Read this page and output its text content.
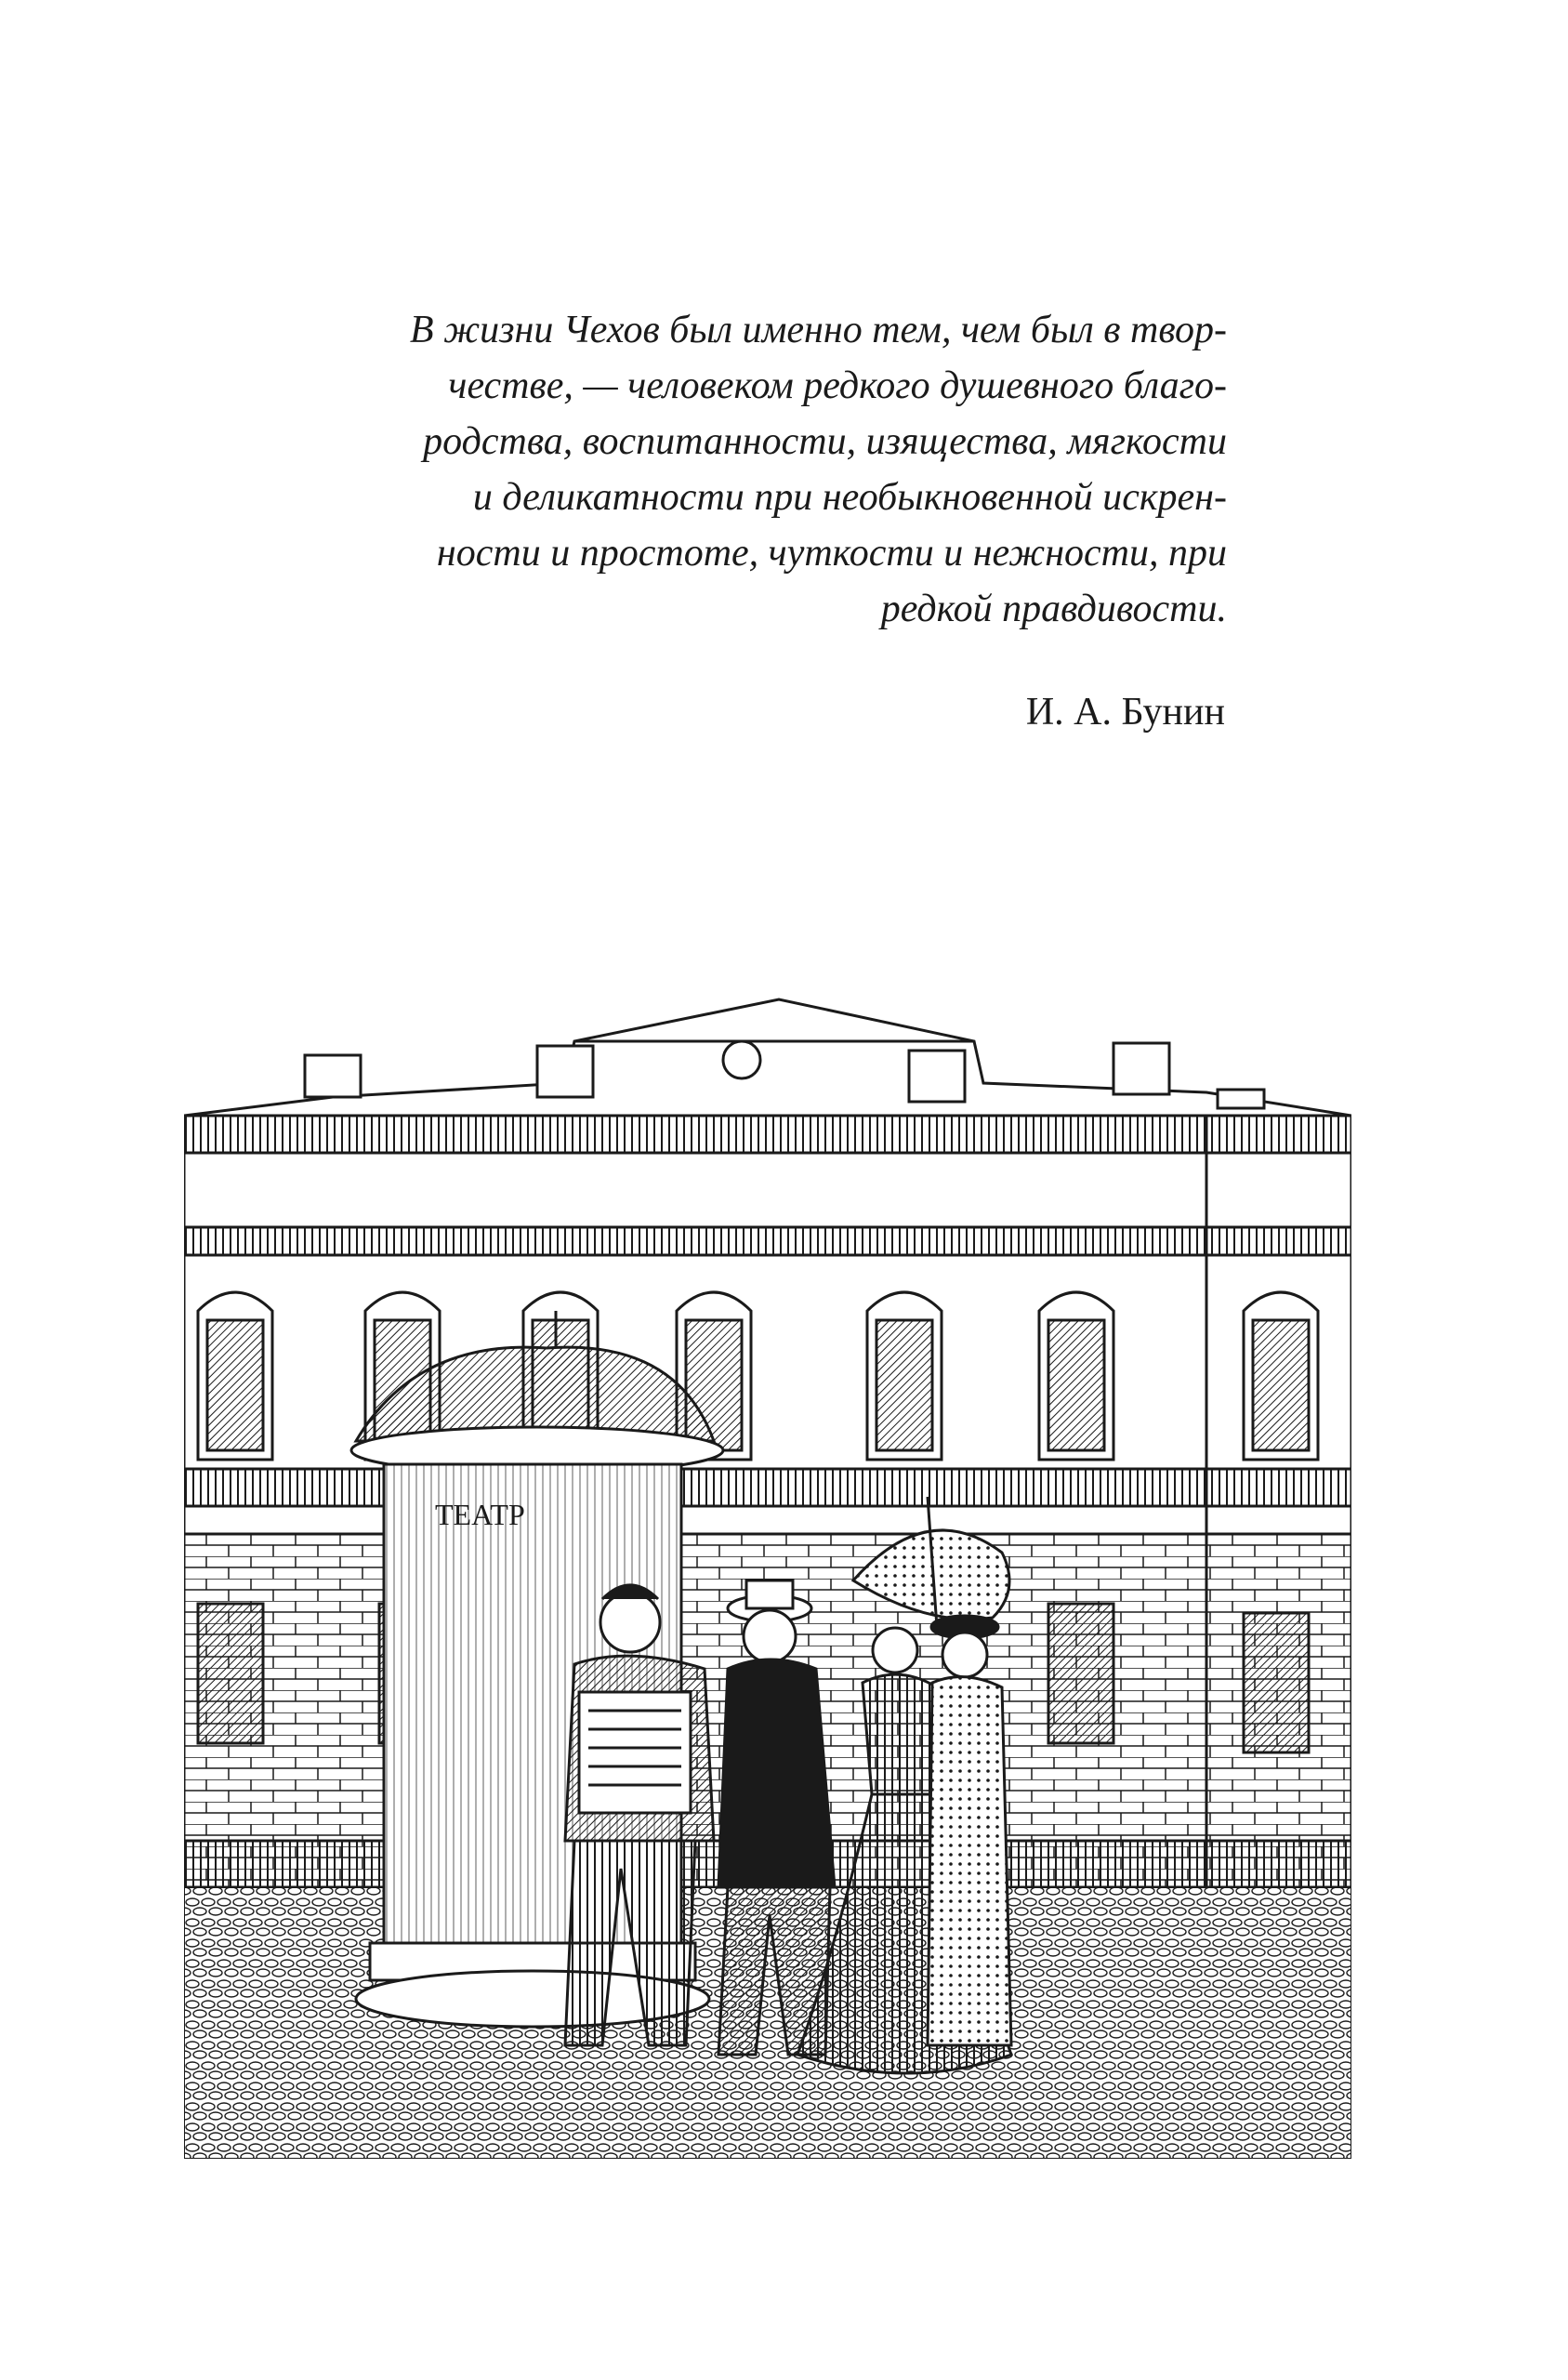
В жизни Чехов был именно тем, чем был в твор-
честве, — человеком редкого душевного благо-
родства, воспитанности, изящества, мягкости
и деликатности при необыкновенной искрен-
ности и простоте, чуткости и нежности, при
редкой правдивости.

И. А. Бунин
ТЕАТР
